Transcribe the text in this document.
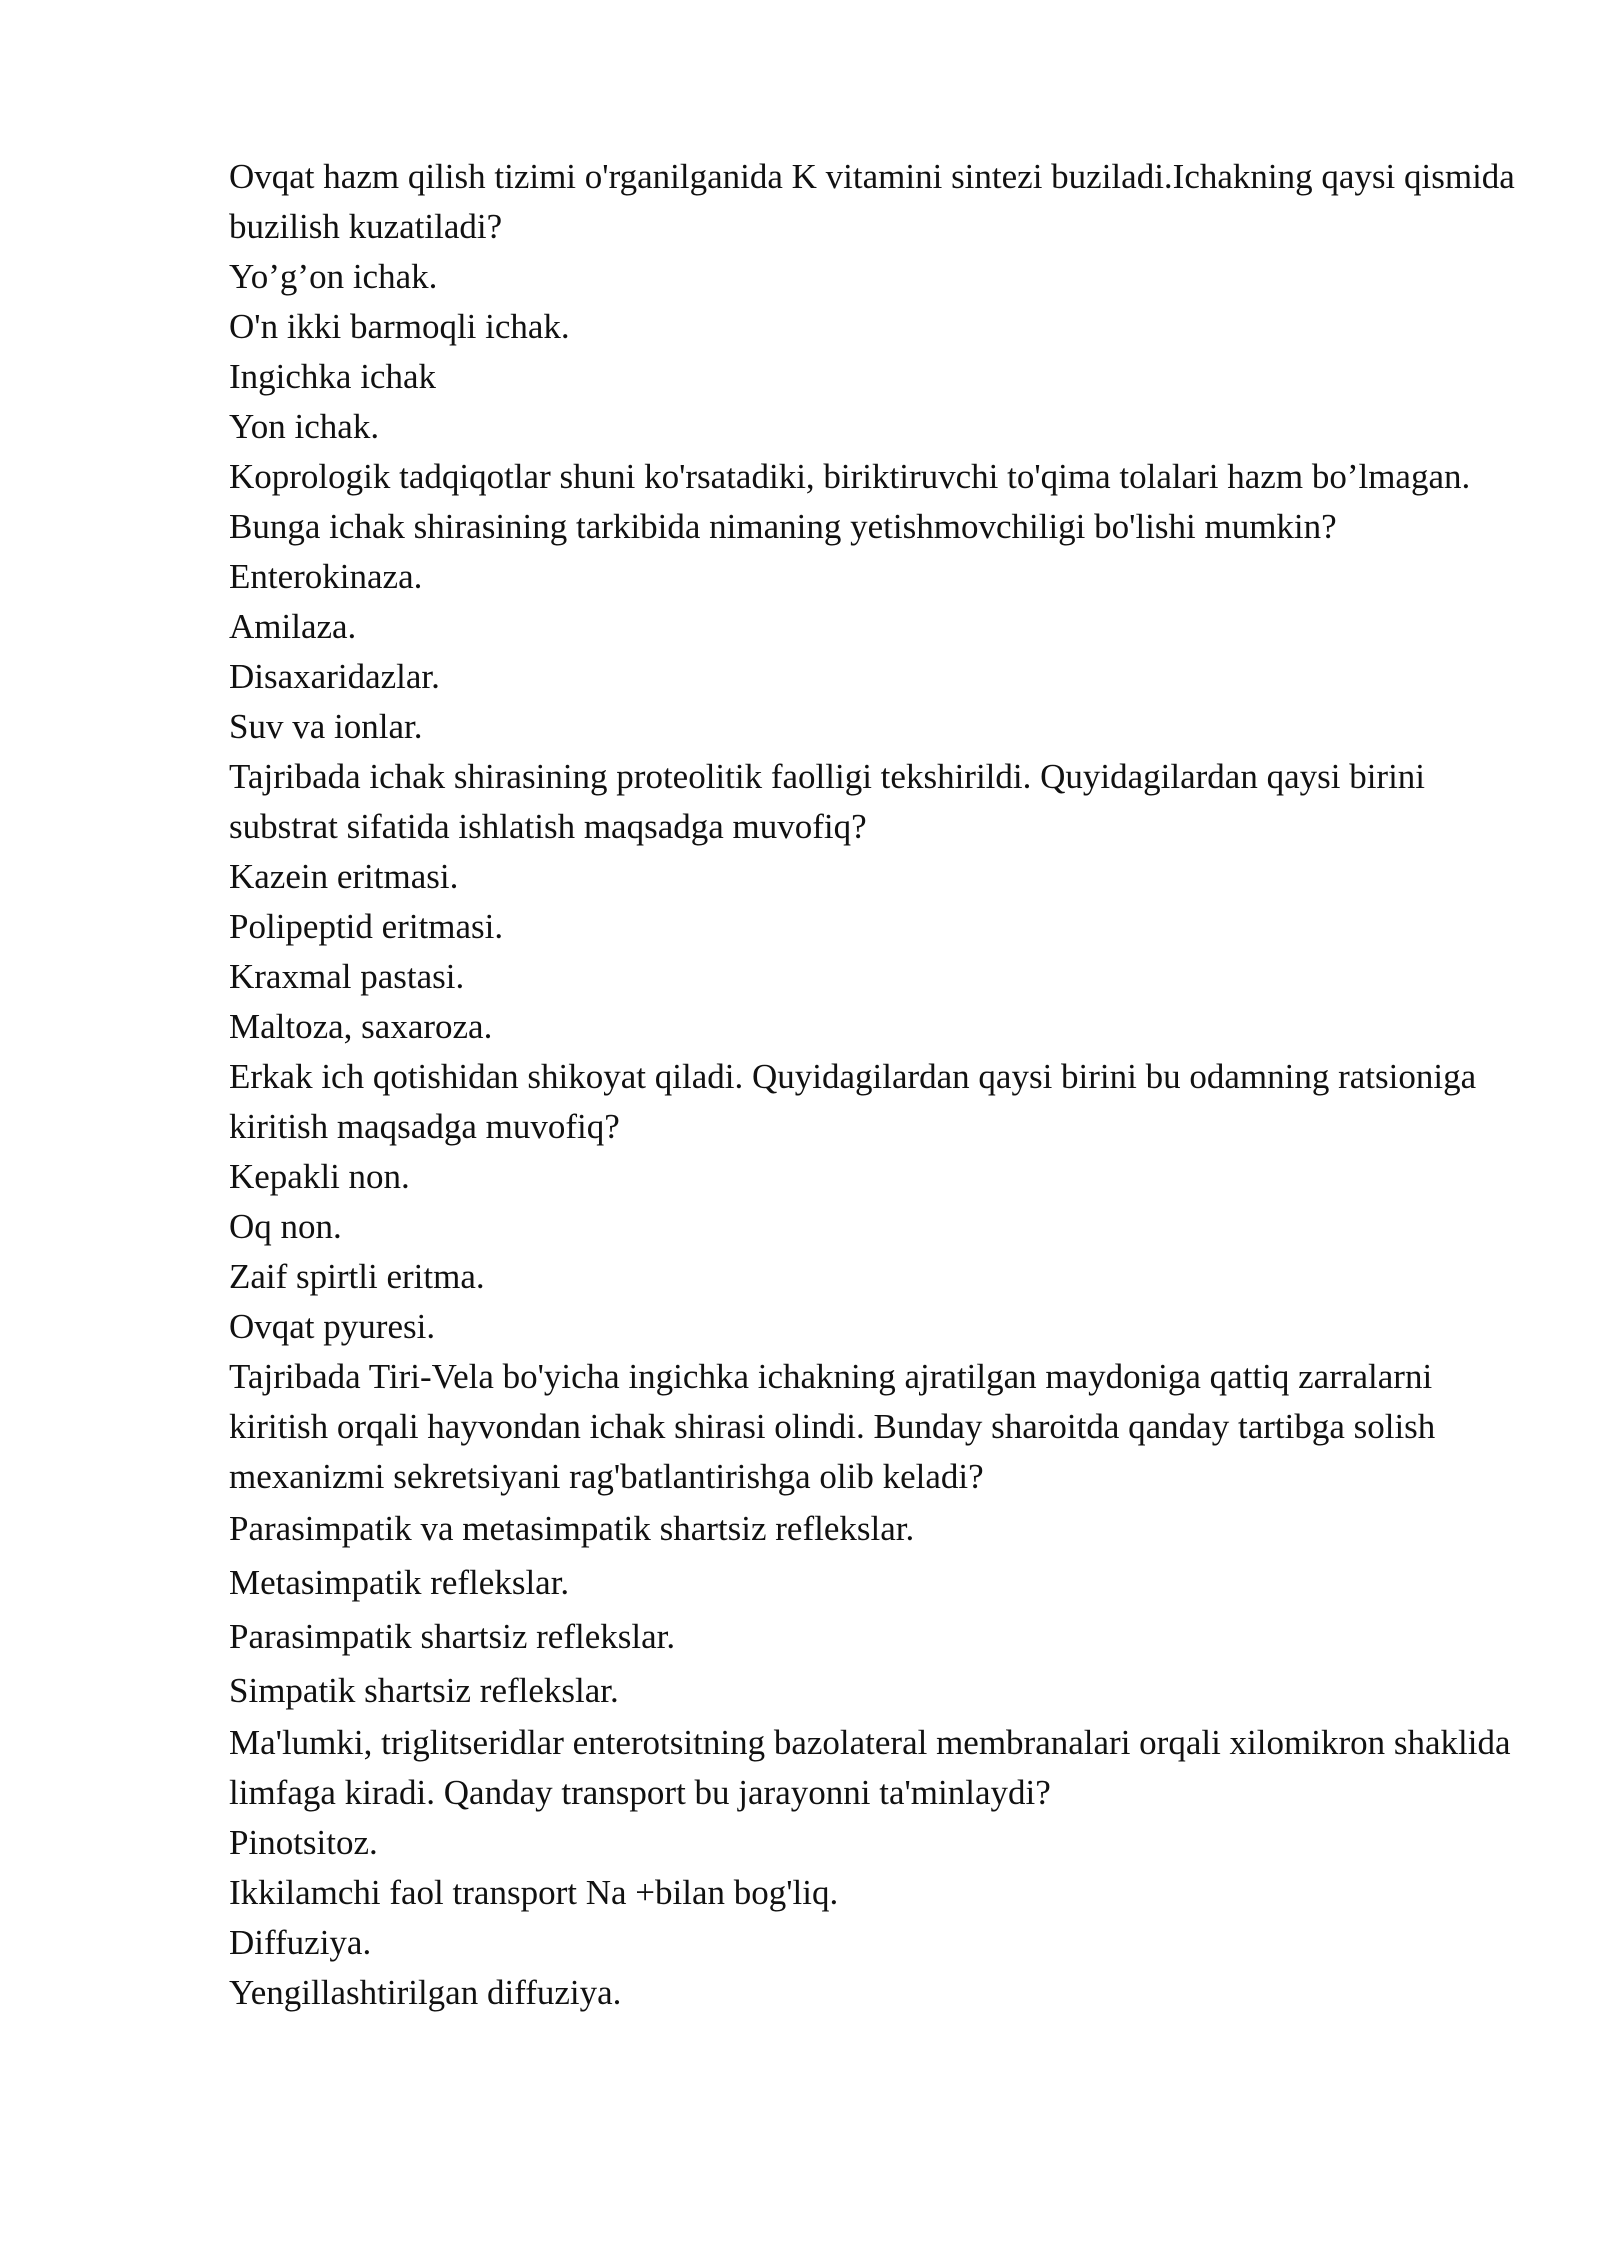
Ovqat hazm qilish tizimi o'rganilganida K vitamini sintezi buziladi.Ichakning qaysi qismida buzilish kuzatiladi?

Yo’g’on ichak.

O'n ikki barmoqli ichak.

Ingichka ichak

Yon ichak.

Koprologik tadqiqotlar shuni ko'rsatadiki, biriktiruvchi to'qima tolalari hazm bo’lmagan. Bunga ichak shirasining tarkibida nimaning yetishmovchiligi bo'lishi mumkin?

Enterokinaza.

Amilaza.

Disaxaridazlar.

Suv va ionlar.

Tajribada ichak shirasining proteolitik faolligi tekshirildi. Quyidagilardan qaysi birini substrat sifatida ishlatish maqsadga muvofiq?

Kazein eritmasi.

Polipeptid eritmasi.

Kraxmal pastasi.

Maltoza, saxaroza.

Erkak ich qotishidan shikoyat qiladi. Quyidagilardan qaysi birini bu odamning ratsioniga kiritish maqsadga muvofiq?

Kepakli non.

Oq non.

Zaif spirtli eritma.

Ovqat pyuresi.

Tajribada Tiri-Vela bo'yicha ingichka ichakning ajratilgan maydoniga qattiq zarralarni kiritish orqali hayvondan ichak shirasi olindi. Bunday sharoitda qanday tartibga solish mexanizmi sekretsiyani rag'batlantirishga olib keladi?

Parasimpatik va metasimpatik shartsiz reflekslar.

Metasimpatik reflekslar.

Parasimpatik shartsiz reflekslar.

Simpatik shartsiz reflekslar.

Ma'lumki, triglitseridlar enterotsitning bazolateral membranalari orqali xilomikron shaklida limfaga kiradi. Qanday transport bu jarayonni ta'minlaydi?

Pinotsitoz.

Ikkilamchi faol transport Na +bilan bog'liq.

Diffuziya.

Yengillashtirilgan diffuziya.
